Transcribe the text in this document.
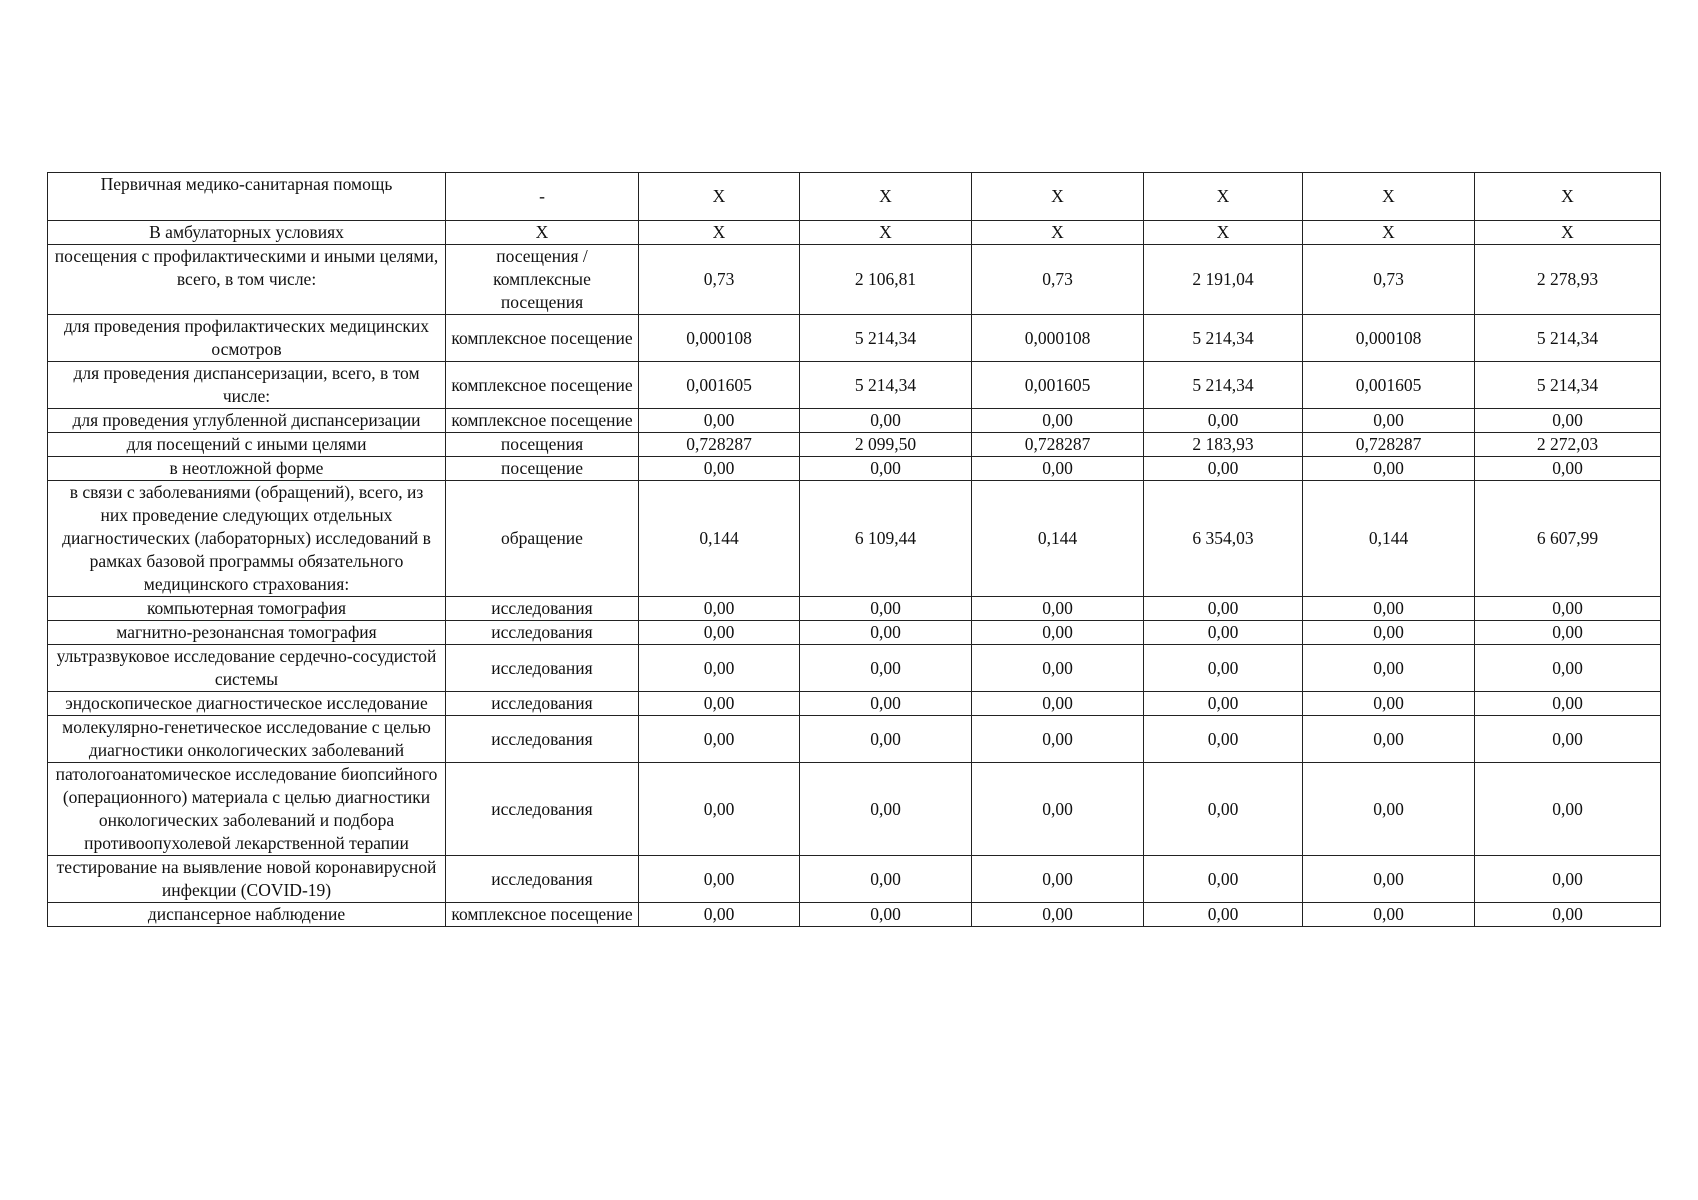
Первичная медико-санитарная помощь	-	X	X	X	X	X	X
В амбулаторных условиях	X	X	X	X	X	X	X
посещения с профилактическими и иными целями, всего, в том числе:	посещения / комплексные посещения	0,73	2 106,81	0,73	2 191,04	0,73	2 278,93
для проведения профилактических медицинских осмотров	комплексное посещение	0,000108	5 214,34	0,000108	5 214,34	0,000108	5 214,34
для проведения диспансеризации, всего, в том числе:	комплексное посещение	0,001605	5 214,34	0,001605	5 214,34	0,001605	5 214,34
для проведения углубленной диспансеризации	комплексное посещение	0,00	0,00	0,00	0,00	0,00	0,00
для посещений с иными целями	посещения	0,728287	2 099,50	0,728287	2 183,93	0,728287	2 272,03
в неотложной форме	посещение	0,00	0,00	0,00	0,00	0,00	0,00
в связи с заболеваниями (обращений), всего, из них проведение следующих отдельных диагностических (лабораторных) исследований в рамках базовой программы обязательного медицинского страхования:	обращение	0,144	6 109,44	0,144	6 354,03	0,144	6 607,99
компьютерная томография	исследования	0,00	0,00	0,00	0,00	0,00	0,00
магнитно-резонансная томография	исследования	0,00	0,00	0,00	0,00	0,00	0,00
ультразвуковое исследование сердечно-сосудистой системы	исследования	0,00	0,00	0,00	0,00	0,00	0,00
эндоскопическое диагностическое исследование	исследования	0,00	0,00	0,00	0,00	0,00	0,00
молекулярно-генетическое исследование с целью диагностики онкологических заболеваний	исследования	0,00	0,00	0,00	0,00	0,00	0,00
патологоанатомическое исследование биопсийного (операционного) материала с целью диагностики онкологических заболеваний и подбора противоопухолевой лекарственной терапии	исследования	0,00	0,00	0,00	0,00	0,00	0,00
тестирование на выявление новой коронавирусной инфекции (COVID-19)	исследования	0,00	0,00	0,00	0,00	0,00	0,00
диспансерное наблюдение	комплексное посещение	0,00	0,00	0,00	0,00	0,00	0,00
